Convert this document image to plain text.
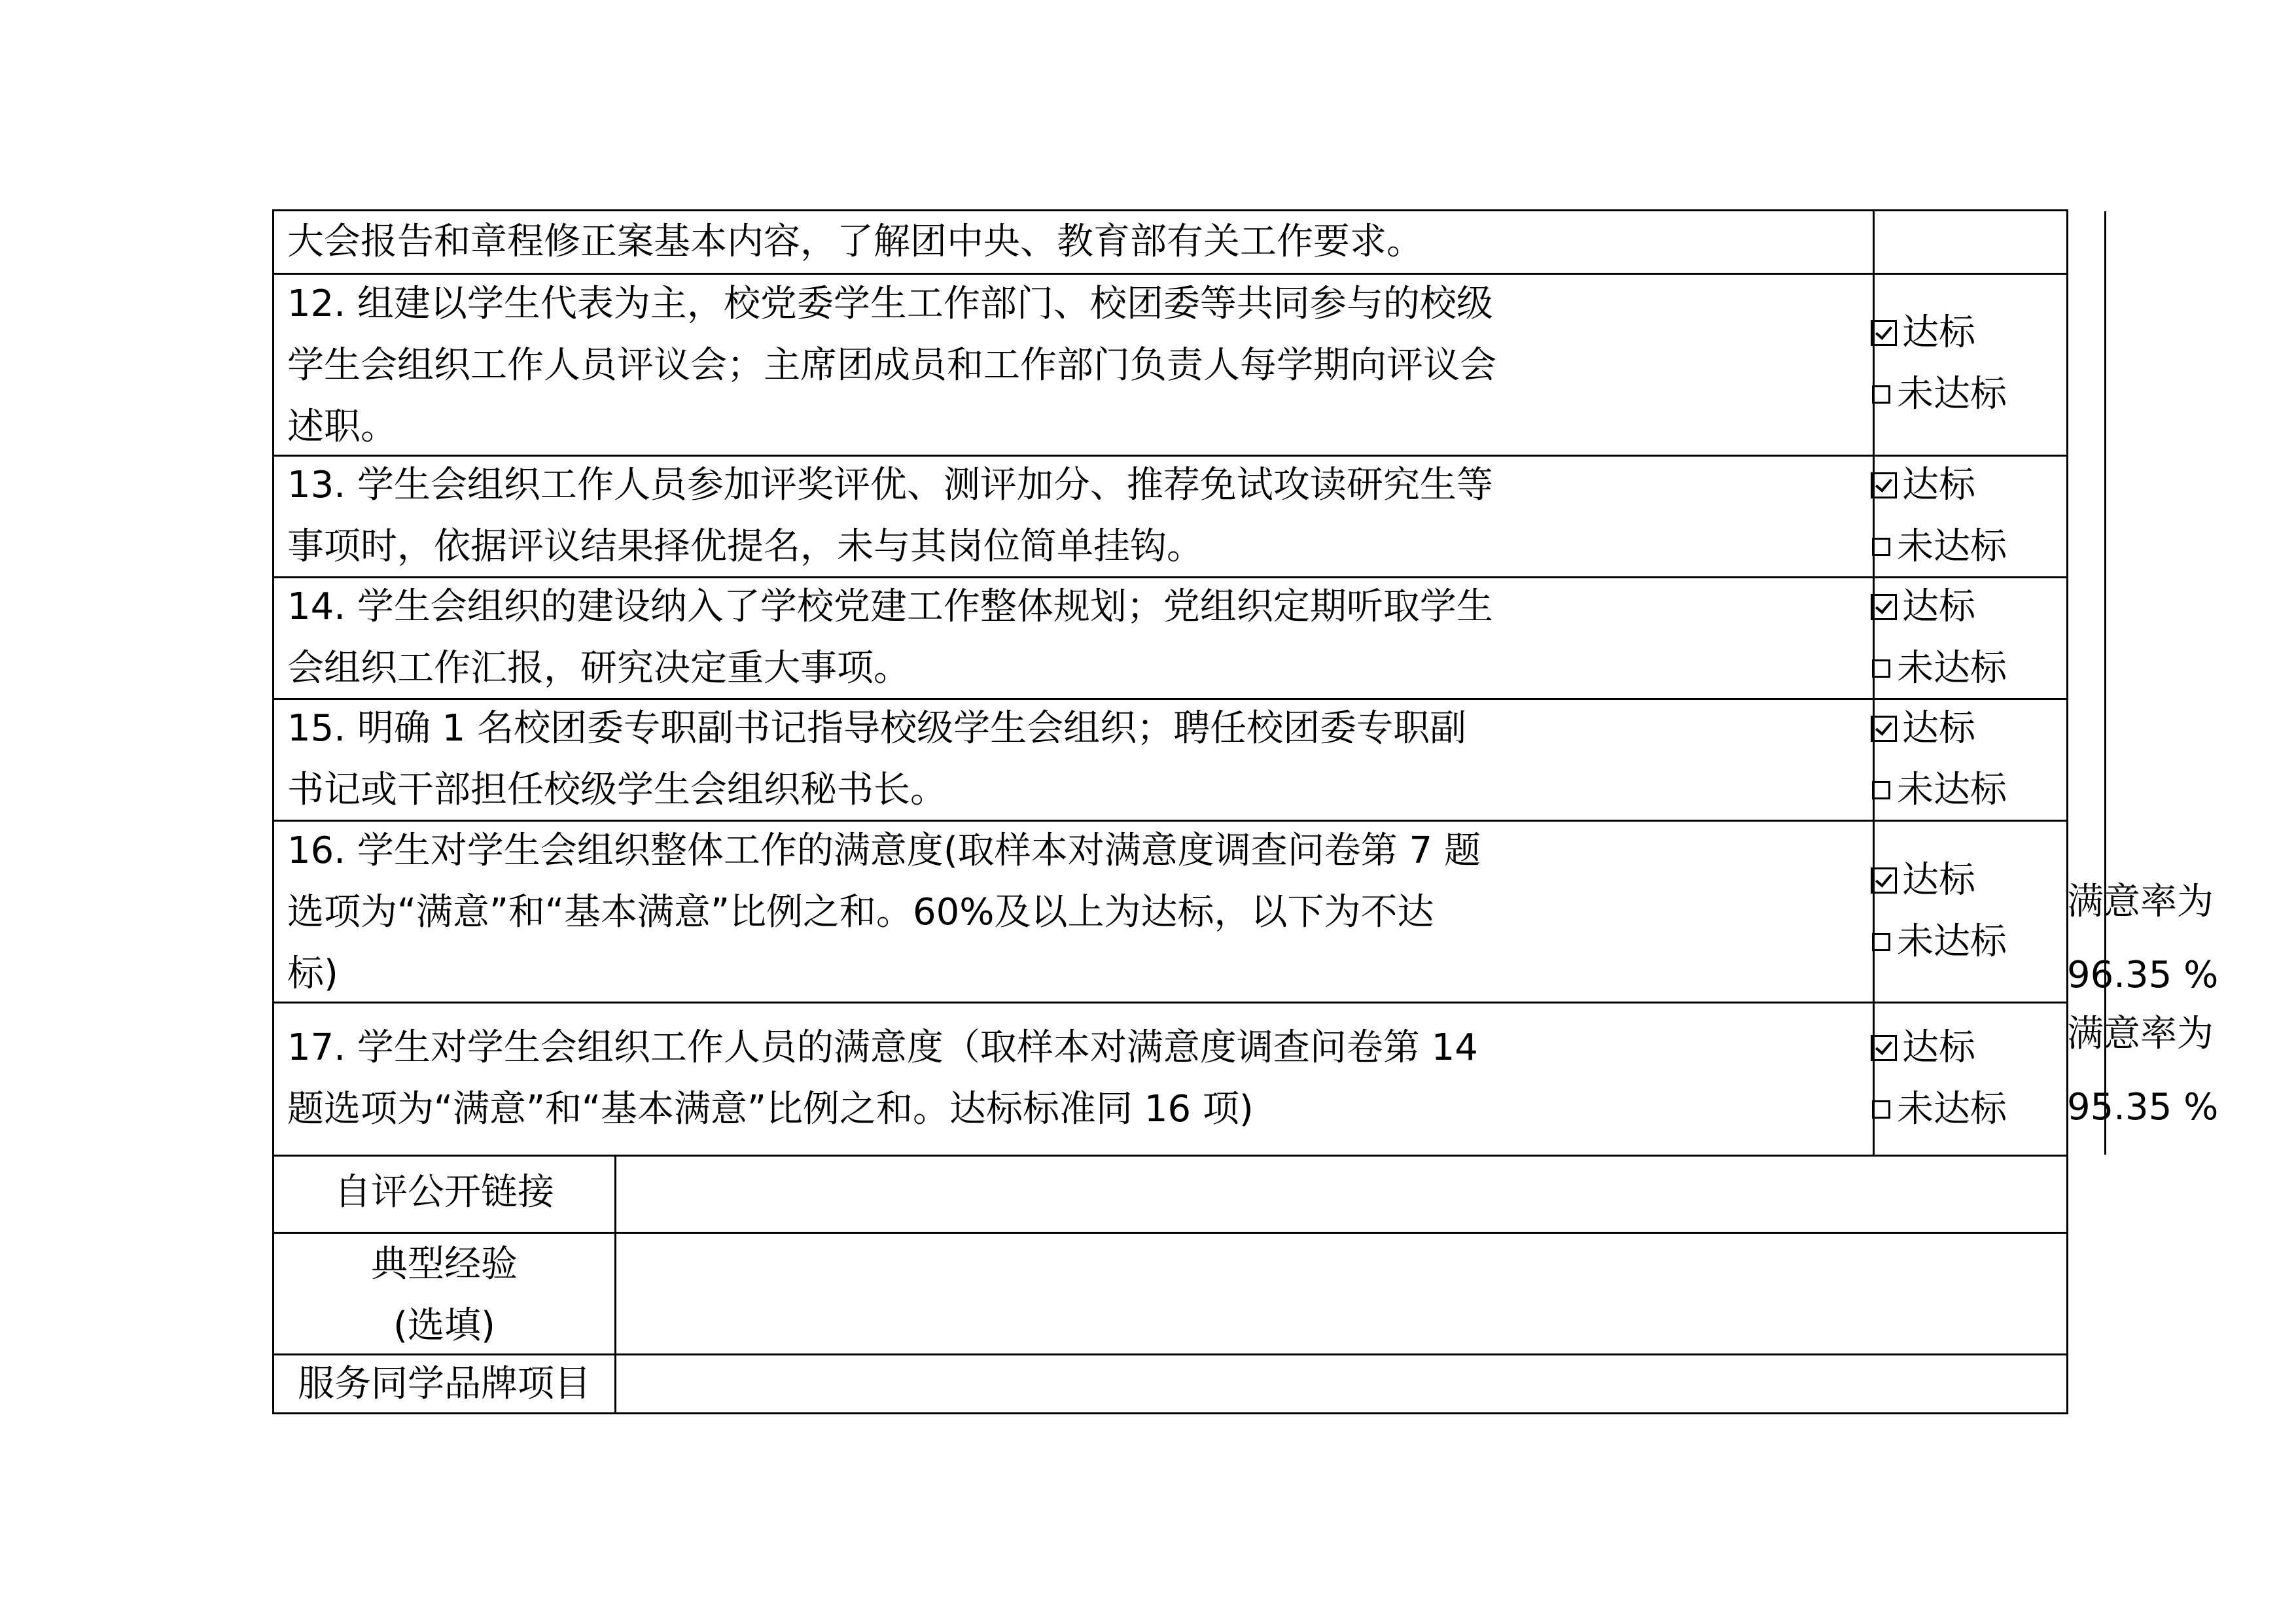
大会报告和章程修正案基本内容，了解团中央、教育部有关工作要求。
12. 组建以学生代表为主，校党委学生工作部门、校团委等共同参与的校级
学生会组织工作人员评议会；主席团成员和工作部门负责人每学期向评议会
述职。
达标
未达标
13. 学生会组织工作人员参加评奖评优、测评加分、推荐免试攻读研究生等
事项时，依据评议结果择优提名，未与其岗位简单挂钩。
达标
未达标
14. 学生会组织的建设纳入了学校党建工作整体规划；党组织定期听取学生
会组织工作汇报，研究决定重大事项。
达标
未达标
15. 明确 1 名校团委专职副书记指导校级学生会组织；聘任校团委专职副
书记或干部担任校级学生会组织秘书长。
达标
未达标
16. 学生对学生会组织整体工作的满意度(取样本对满意度调查问卷第 7 题
选项为“满意”和“基本满意”比例之和。60%及以上为达标，以下为不达
标)
达标
未达标
满意率为
96.35 %
17. 学生对学生会组织工作人员的满意度（取样本对满意度调查问卷第 14
题选项为“满意”和“基本满意”比例之和。达标标准同 16 项)
达标
未达标
满意率为
95.35 %
自评公开链接
典型经验
(选填)
服务同学品牌项目
